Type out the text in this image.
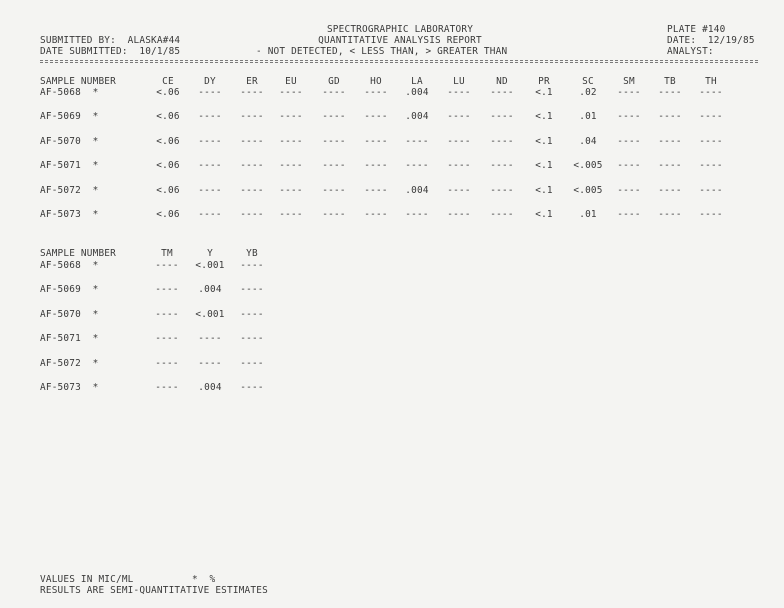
SUBMITTED BY:  ALASKA#44
DATE SUBMITTED:  10/1/85
SPECTROGRAPHIC LABORATORY
QUANTITATIVE ANALYSIS REPORT
- NOT DETECTED, < LESS THAN, > GREATER THAN
PLATE #140
DATE:  12/19/85
ANALYST:
SAMPLE NUMBER	CE	DY	ER	EU	GD	HO	LA	LU	ND	PR	SC	SM	TB	TH
AF-5068  *	<.06	----	----	----	----	----	.004	----	----	<.1	.02	----	----	----
AF-5069  *	<.06	----	----	----	----	----	.004	----	----	<.1	.01	----	----	----
AF-5070  *	<.06	----	----	----	----	----	----	----	----	<.1	.04	----	----	----
AF-5071  *	<.06	----	----	----	----	----	----	----	----	<.1	<.005	----	----	----
AF-5072  *	<.06	----	----	----	----	----	.004	----	----	<.1	<.005	----	----	----
AF-5073  *	<.06	----	----	----	----	----	----	----	----	<.1	.01	----	----	----
SAMPLE NUMBER	TM	Y	YB
AF-5068  *	----	<.001	----
AF-5069  *	----	.004	----
AF-5070  *	----	<.001	----
AF-5071  *	----	----	----
AF-5072  *	----	----	----
AF-5073  *	----	.004	----
VALUES IN MIC/ML          *  %
RESULTS ARE SEMI-QUANTITATIVE ESTIMATES
